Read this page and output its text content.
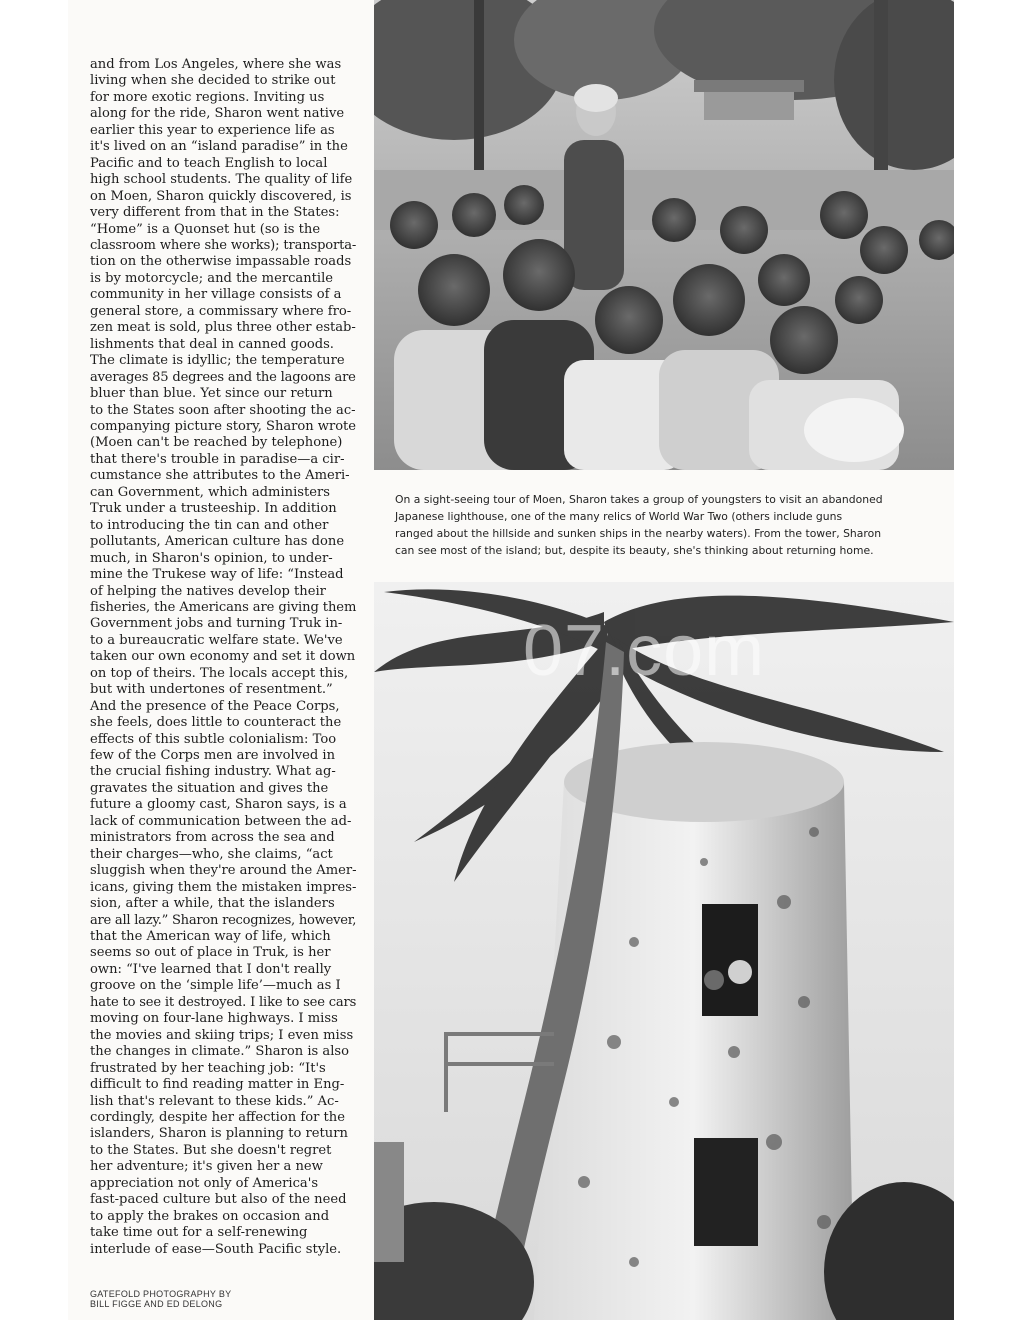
and from Los Angeles, where she was
living when she decided to strike out
for more exotic regions. Inviting us
along for the ride, Sharon went native
earlier this year to experience life as
it's lived on an “island paradise” in the
Pacific and to teach English to local
high school students. The quality of life
on Moen, Sharon quickly discovered, is
very different from that in the States:
“Home” is a Quonset hut (so is the
classroom where she works); transporta-
tion on the otherwise impassable roads
is by motorcycle; and the mercantile
community in her village consists of a
general store, a commissary where fro-
zen meat is sold, plus three other estab-
lishments that deal in canned goods.
The climate is idyllic; the temperature
averages 85 degrees and the lagoons are
bluer than blue. Yet since our return
to the States soon after shooting the ac-
companying picture story, Sharon wrote
(Moen can't be reached by telephone)
that there's trouble in paradise—a cir-
cumstance she attributes to the Ameri-
can Government, which administers
Truk under a trusteeship. In addition
to introducing the tin can and other
pollutants, American culture has done
much, in Sharon's opinion, to under-
mine the Trukese way of life: “Instead
of helping the natives develop their
fisheries, the Americans are giving them
Government jobs and turning Truk in-
to a bureaucratic welfare state. We've
taken our own economy and set it down
on top of theirs. The locals accept this,
but with undertones of resentment.”
And the presence of the Peace Corps,
she feels, does little to counteract the
effects of this subtle colonialism: Too
few of the Corps men are involved in
the crucial fishing industry. What ag-
gravates the situation and gives the
future a gloomy cast, Sharon says, is a
lack of communication between the ad-
ministrators from across the sea and
their charges—who, she claims, “act
sluggish when they're around the Amer-
icans, giving them the mistaken impres-
sion, after a while, that the islanders
are all lazy.” Sharon recognizes, however,
that the American way of life, which
seems so out of place in Truk, is her
own: “I've learned that I don't really
groove on the ‘simple life’—much as I
hate to see it destroyed. I like to see cars
moving on four-lane highways. I miss
the movies and skiing trips; I even miss
the changes in climate.” Sharon is also
frustrated by her teaching job: “It's
difficult to find reading matter in Eng-
lish that's relevant to these kids.” Ac-
cordingly, despite her affection for the
islanders, Sharon is planning to return
to the States. But she doesn't regret
her adventure; it's given her a new
appreciation not only of America's
fast-paced culture but also of the need
to apply the brakes on occasion and
take time out for a self-renewing
interlude of ease—South Pacific style.
GATEFOLD PHOTOGRAPHY BY
BILL FIGGE AND ED DELONG
On a sight-seeing tour of Moen, Sharon takes a group of youngsters to visit an abandoned
Japanese lighthouse, one of the many relics of World War Two (others include guns
ranged about the hillside and sunken ships in the nearby waters). From the tower, Sharon
can see most of the island; but, despite its beauty, she's thinking about returning home.
07.com
